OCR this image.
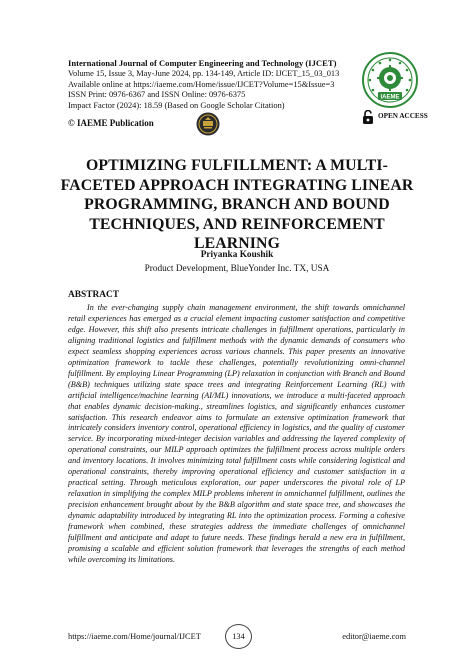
International Journal of Computer Engineering and Technology (IJCET)
Volume 15, Issue 3, May-June 2024, pp. 134-149, Article ID: IJCET_15_03_013
Available online at https://iaeme.com/Home/issue/IJCET?Volume=15&Issue=3
ISSN Print: 0976-6367 and ISSN Online: 0976-6375
Impact Factor (2024): 18.59 (Based on Google Scholar Citation)
© IAEME Publication
IAEME
OPEN ACCESS
OPTIMIZING FULFILLMENT: A MULTI-
FACETED APPROACH INTEGRATING LINEAR
PROGRAMMING, BRANCH AND BOUND
TECHNIQUES, AND REINFORCEMENT
LEARNING
Priyanka Koushik
Product Development, BlueYonder Inc. TX, USA
ABSTRACT
In the ever-changing supply chain management environment, the shift towards omnichannel retail experiences has emerged as a crucial element impacting customer satisfaction and competitive edge. However, this shift also presents intricate challenges in fulfillment operations, particularly in aligning traditional logistics and fulfillment methods with the dynamic demands of consumers who expect seamless shopping experiences across various channels. This paper presents an innovative optimization framework to tackle these challenges, potentially revolutionizing omni-channel fulfillment. By employing Linear Programming (LP) relaxation in conjunction with Branch and Bound (B&B) techniques utilizing state space trees and integrating Reinforcement Learning (RL) with artificial intelligence/machine learning (AI/ML) innovations, we introduce a multi-faceted approach that enables dynamic decision-making., streamlines logistics, and significantly enhances customer satisfaction. This research endeavor aims to formulate an extensive optimization framework that intricately considers inventory control, operational efficiency in logistics, and the quality of customer service. By incorporating mixed-integer decision variables and addressing the layered complexity of operational constraints, our MILP approach optimizes the fulfillment process across multiple orders and inventory locations. It involves minimizing total fulfillment costs while considering logistical and operational constraints, thereby improving operational efficiency and customer satisfaction in a practical setting. Through meticulous exploration, our paper underscores the pivotal role of LP relaxation in simplifying the complex MILP problems inherent in omnichannel fulfillment, outlines the precision enhancement brought about by the B&B algorithm and state space tree, and showcases the dynamic adaptability introduced by integrating RL into the optimization process. Forming a cohesive framework when combined, these strategies address the immediate challenges of omnichannel fulfillment and anticipate and adapt to future needs. These findings herald a new era in fulfillment, promising a scalable and efficient solution framework that leverages the strengths of each method while overcoming its limitations.
https://iaeme.com/Home/journal/IJCET	134	editor@iaeme.com
